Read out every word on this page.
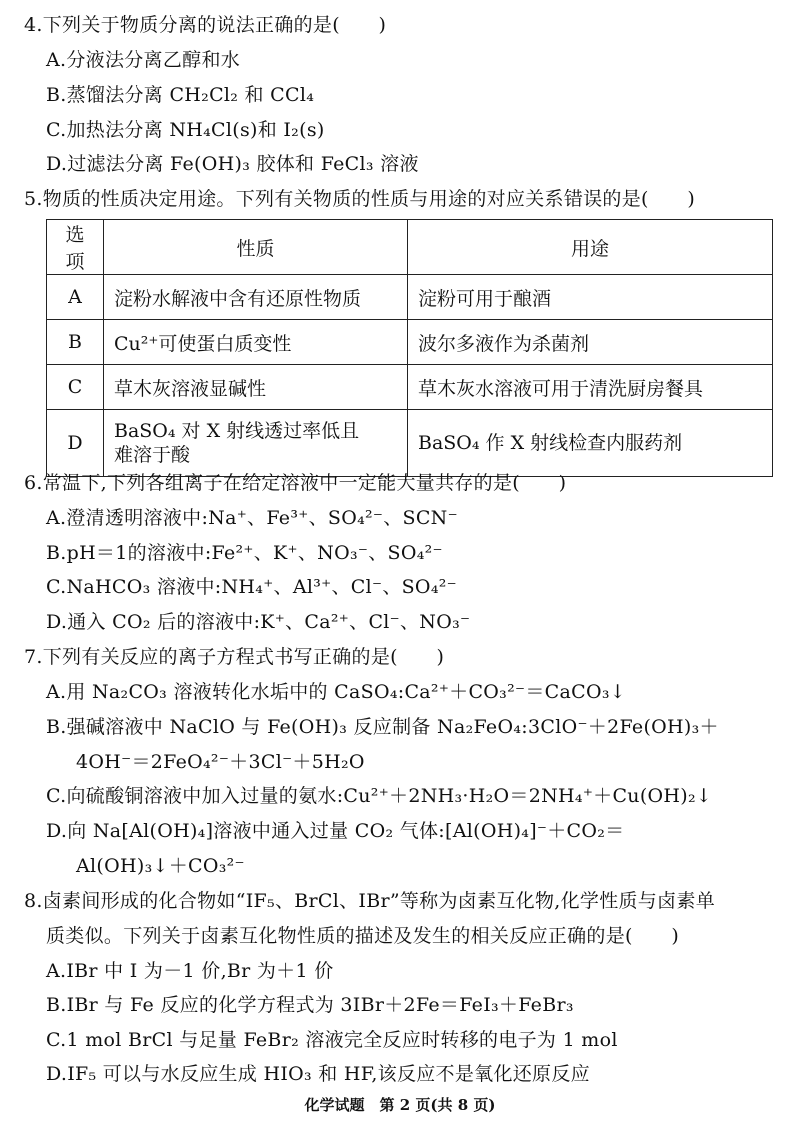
4.下列关于物质分离的说法正确的是(　　)
A.分液法分离乙醇和水
B.蒸馏法分离 CH₂Cl₂ 和 CCl₄
C.加热法分离 NH₄Cl(s)和 I₂(s)
D.过滤法分离 Fe(OH)₃ 胶体和 FeCl₃ 溶液
5.物质的性质决定用途。下列有关物质的性质与用途的对应关系错误的是(　　)
选项	性质	用途
A	淀粉水解液中含有还原性物质	淀粉可用于酿酒
B	Cu²⁺可使蛋白质变性	波尔多液作为杀菌剂
C	草木灰溶液显碱性	草木灰水溶液可用于清洗厨房餐具
D	BaSO₄ 对 X 射线透过率低且
难溶于酸	BaSO₄ 作 X 射线检查内服药剂
6.常温下,下列各组离子在给定溶液中一定能大量共存的是(　　)
A.澄清透明溶液中:Na⁺、Fe³⁺、SO₄²⁻、SCN⁻
B.pH＝1的溶液中:Fe²⁺、K⁺、NO₃⁻、SO₄²⁻
C.NaHCO₃ 溶液中:NH₄⁺、Al³⁺、Cl⁻、SO₄²⁻
D.通入 CO₂ 后的溶液中:K⁺、Ca²⁺、Cl⁻、NO₃⁻
7.下列有关反应的离子方程式书写正确的是(　　)
A.用 Na₂CO₃ 溶液转化水垢中的 CaSO₄:Ca²⁺＋CO₃²⁻＝CaCO₃↓
B.强碱溶液中 NaClO 与 Fe(OH)₃ 反应制备 Na₂FeO₄:3ClO⁻＋2Fe(OH)₃＋
4OH⁻＝2FeO₄²⁻＋3Cl⁻＋5H₂O
C.向硫酸铜溶液中加入过量的氨水:Cu²⁺＋2NH₃·H₂O＝2NH₄⁺＋Cu(OH)₂↓
D.向 Na[Al(OH)₄]溶液中通入过量 CO₂ 气体:[Al(OH)₄]⁻＋CO₂＝
Al(OH)₃↓＋CO₃²⁻
8.卤素间形成的化合物如“IF₅、BrCl、IBr”等称为卤素互化物,化学性质与卤素单
质类似。下列关于卤素互化物性质的描述及发生的相关反应正确的是(　　)
A.IBr 中 I 为－1 价,Br 为＋1 价
B.IBr 与 Fe 反应的化学方程式为 3IBr＋2Fe＝FeI₃＋FeBr₃
C.1 mol BrCl 与足量 FeBr₂ 溶液完全反应时转移的电子为 1 mol
D.IF₅ 可以与水反应生成 HIO₃ 和 HF,该反应不是氧化还原反应
化学试题　第 2 页(共 8 页)
